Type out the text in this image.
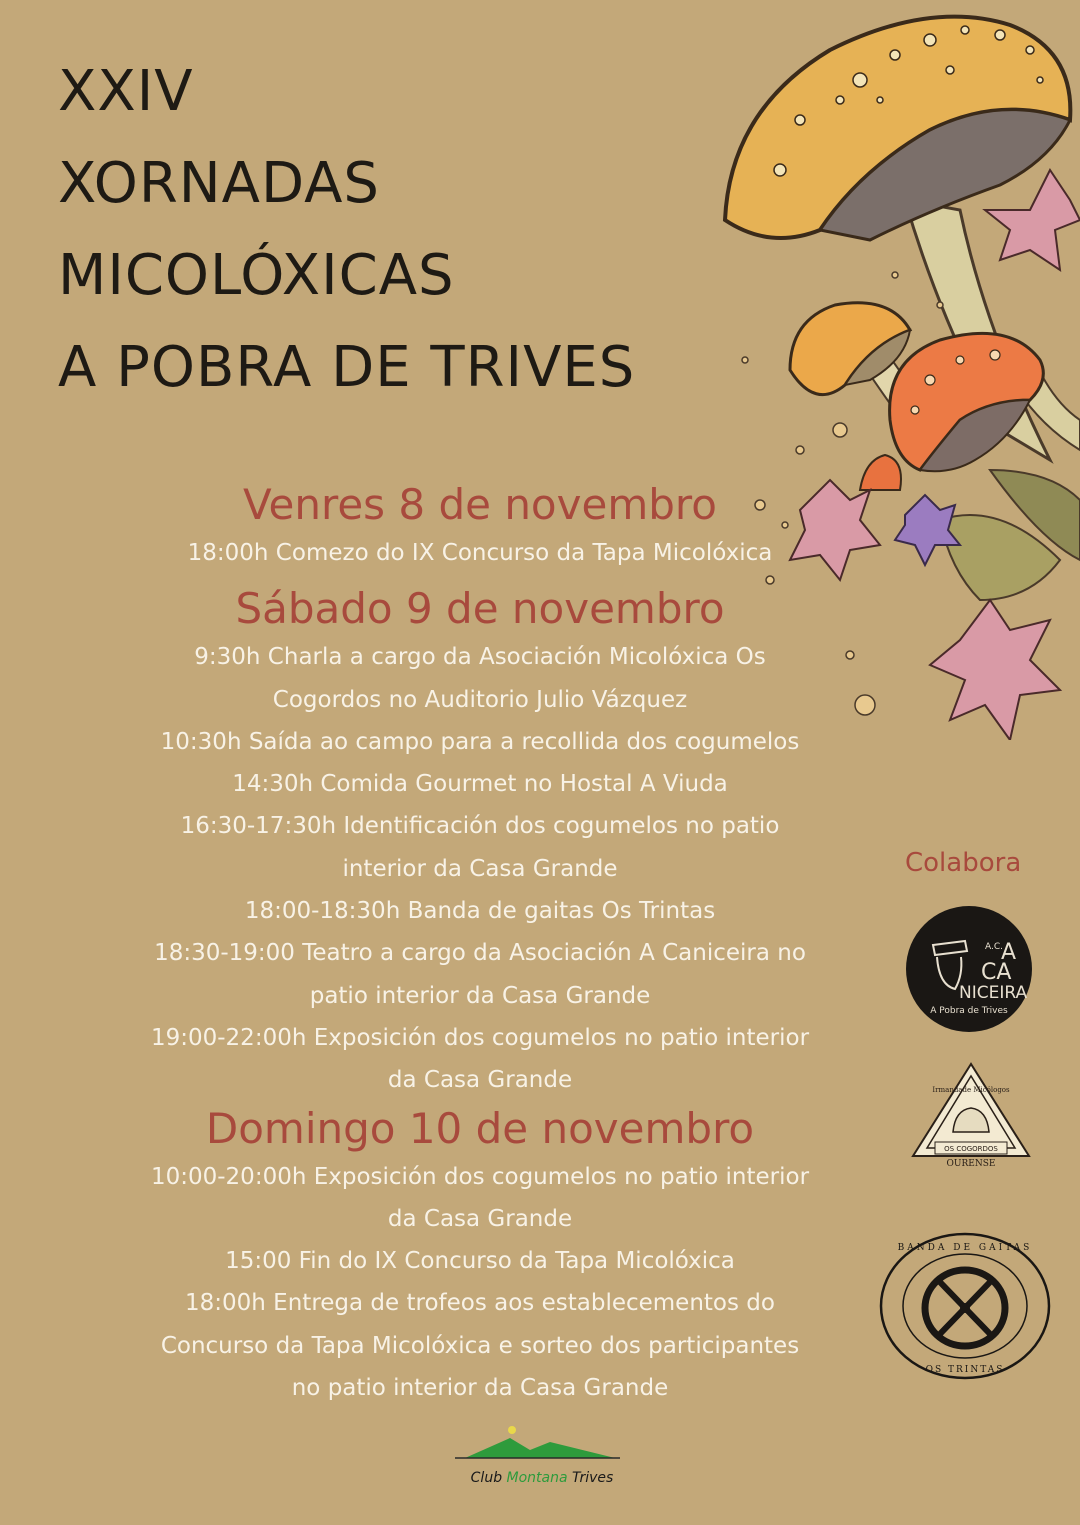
XXIV
XORNADAS
MICOLÓXICAS
A POBRA DE TRIVES
Venres 8 de novembro
18:00h Comezo do IX Concurso da Tapa Micolóxica
Sábado 9 de novembro
9:30h Charla a cargo da Asociación Micolóxica Os
Cogordos no Auditorio Julio Vázquez
10:30h Saída ao campo para a recollida dos cogumelos
14:30h Comida Gourmet no Hostal A Viuda
16:30-17:30h Identificación dos cogumelos no patio
interior da Casa Grande
18:00-18:30h Banda de gaitas Os Trintas
18:30-19:00 Teatro a cargo da Asociación A Caniceira no
patio interior da Casa Grande
19:00-22:00h Exposición dos cogumelos no patio interior
da Casa Grande
Domingo 10 de novembro
10:00-20:00h Exposición dos cogumelos no patio interior
da Casa Grande
15:00 Fin do IX Concurso da Tapa Micolóxica
18:00h Entrega de trofeos aos establecementos do
Concurso da Tapa Micolóxica e sorteo dos participantes
no patio interior da Casa Grande
Colabora
A.C.
A
CA
NICEIRA
A Pobra de Trives
Irmandade Micólogos
OS COGORDOS
OURENSE
BANDA DE GAITAS
OS TRINTAS
Club Montana Trives
